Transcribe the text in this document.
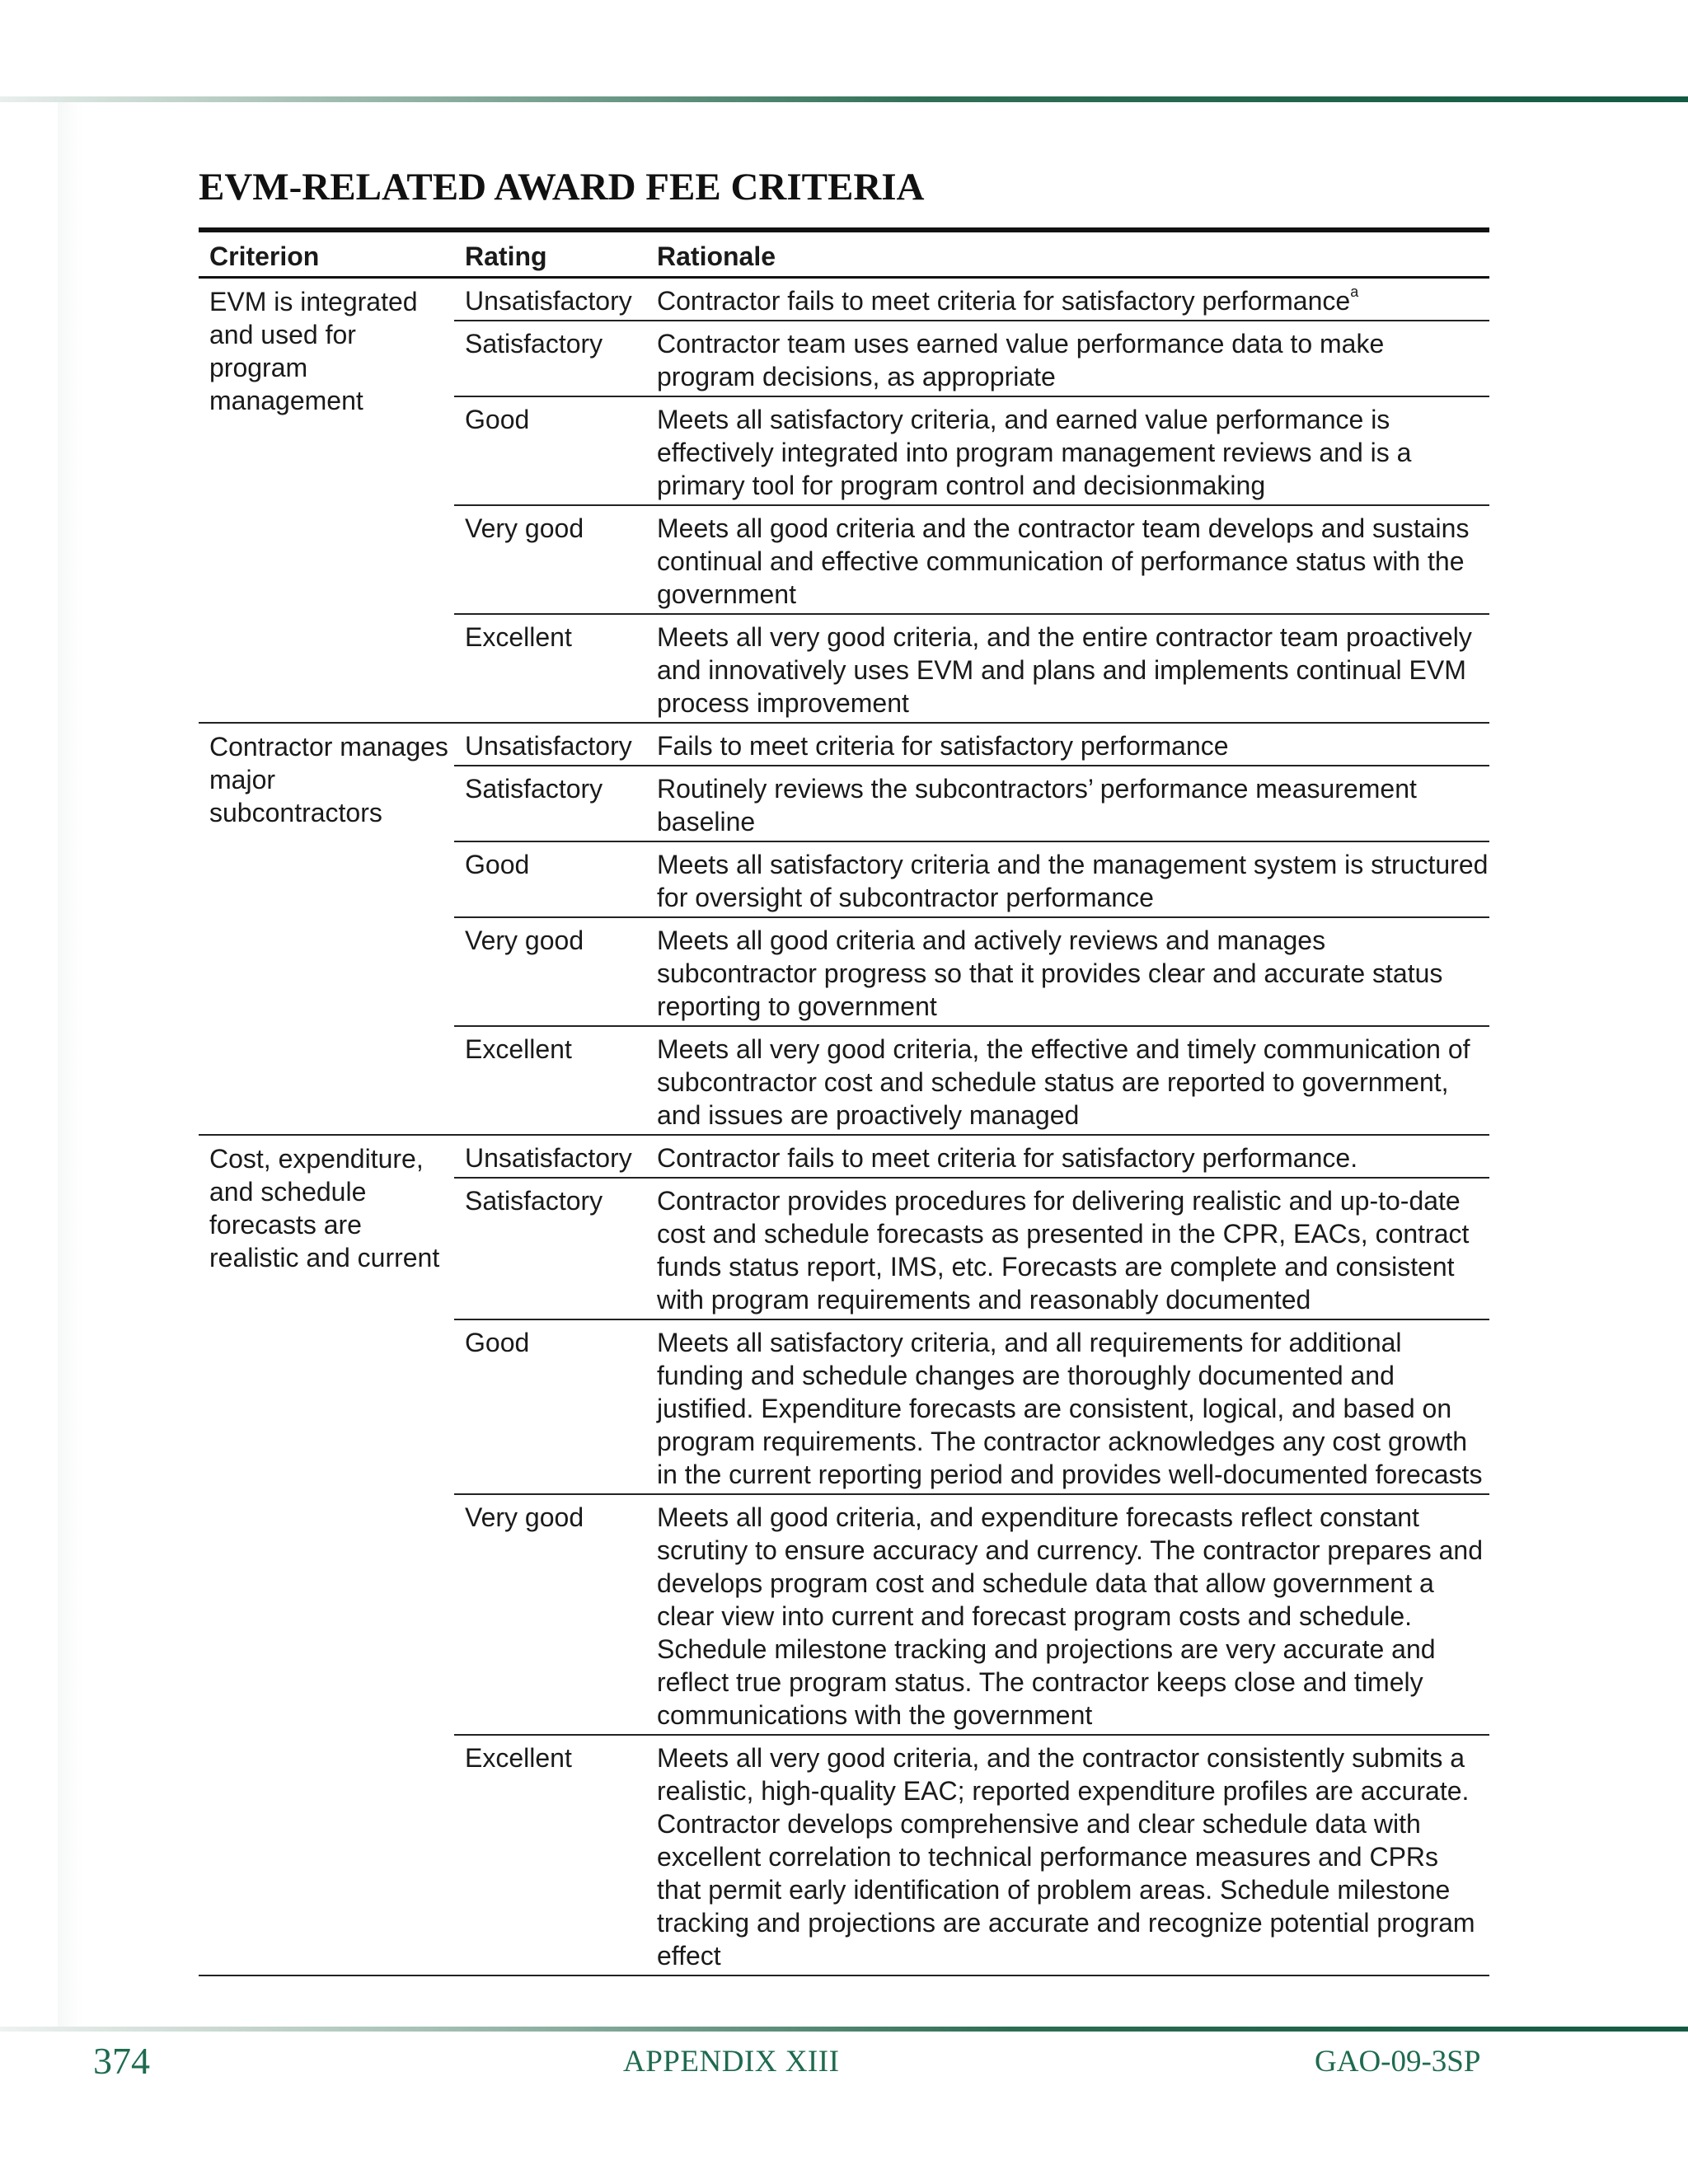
EVM-RELATED AWARD FEE CRITERIA
Criterion	Rating	Rationale
EVM is integrated and used for program management	Unsatisfactory	Contractor fails to meet criteria for satisfactory performance$^a$
	Satisfactory	Contractor team uses earned value performance data to make program decisions, as appropriate
	Good	Meets all satisfactory criteria, and earned value performance is effectively integrated into program management reviews and is a primary tool for program control and decisionmaking
	Very good	Meets all good criteria and the contractor team develops and sustains continual and effective communication of performance status with the government
	Excellent	Meets all very good criteria, and the entire contractor team proactively and innovatively uses EVM and plans and implements continual EVM process improvement
Contractor manages major subcontractors	Unsatisfactory	Fails to meet criteria for satisfactory performance
	Satisfactory	Routinely reviews the subcontractors’ performance measurement baseline
	Good	Meets all satisfactory criteria and the management system is structured for oversight of subcontractor performance
	Very good	Meets all good criteria and actively reviews and manages subcontractor progress so that it provides clear and accurate status reporting to government
	Excellent	Meets all very good criteria, the effective and timely communication of subcontractor cost and schedule status are reported to government, and issues are proactively managed
Cost, expenditure, and schedule forecasts are realistic and current	Unsatisfactory	Contractor fails to meet criteria for satisfactory performance.
	Satisfactory	Contractor provides procedures for delivering realistic and up-to-date cost and schedule forecasts as presented in the CPR, EACs, contract funds status report, IMS, etc. Forecasts are complete and consistent with program requirements and reasonably documented
	Good	Meets all satisfactory criteria, and all requirements for additional funding and schedule changes are thoroughly documented and justified. Expenditure forecasts are consistent, logical, and based on program requirements. The contractor acknowledges any cost growth in the current reporting period and provides well-documented forecasts
	Very good	Meets all good criteria, and expenditure forecasts reflect constant scrutiny to ensure accuracy and currency. The contractor prepares and develops program cost and schedule data that allow government a clear view into current and forecast program costs and schedule. Schedule milestone tracking and projections are very accurate and reflect true program status. The contractor keeps close and timely communications with the government
	Excellent	Meets all very good criteria, and the contractor consistently submits a realistic, high-quality EAC; reported expenditure profiles are accurate. Contractor develops comprehensive and clear schedule data with excellent correlation to technical performance measures and CPRs that permit early identification of problem areas. Schedule milestone tracking and projections are accurate and recognize potential program effect
374	APPENDIX XIII	GAO-09-3SP
